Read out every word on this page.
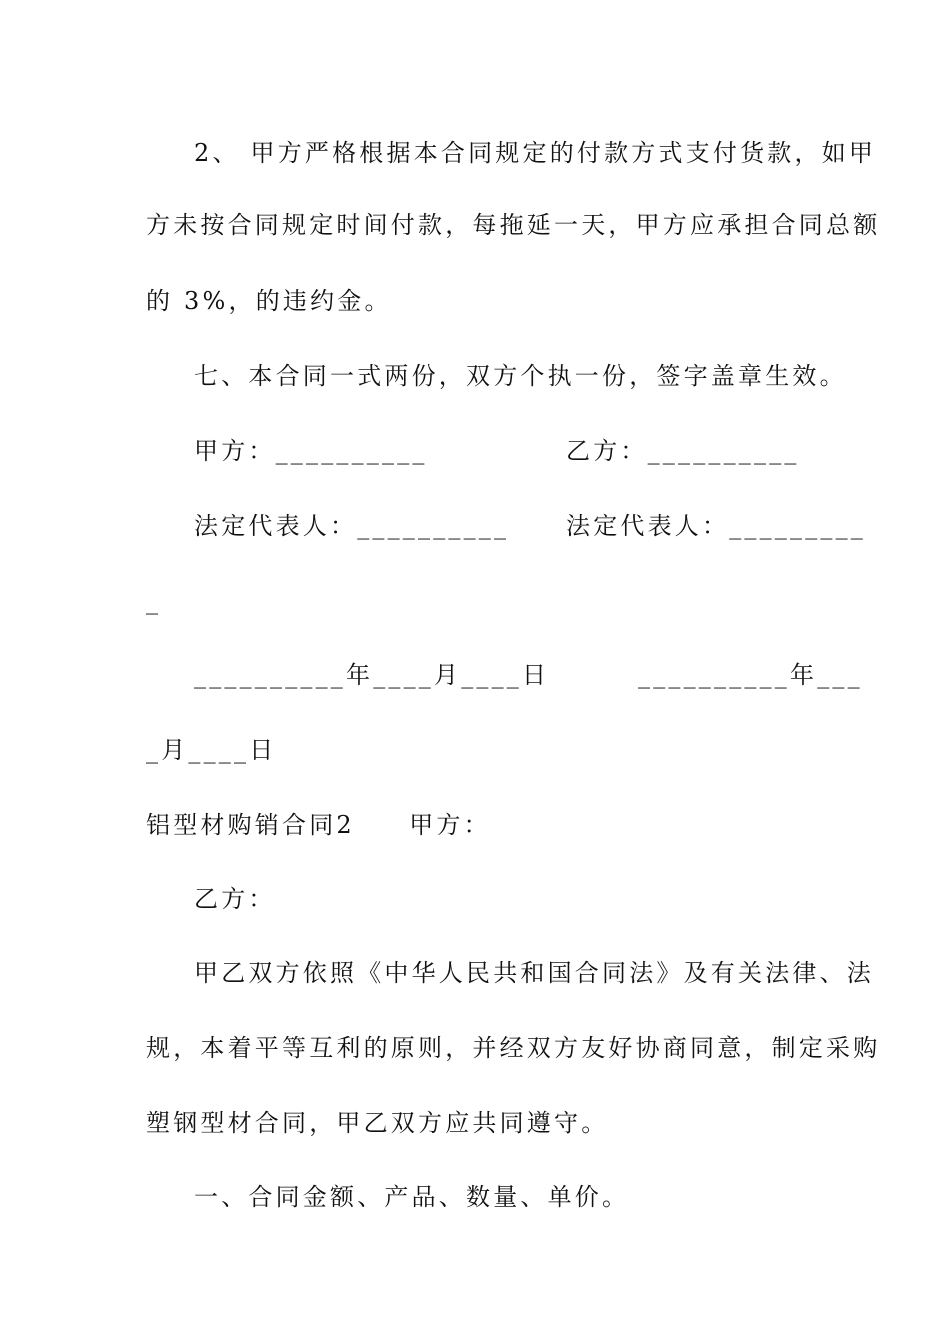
2、 甲方严格根据本合同规定的付款方式支付货款，如甲

方未按合同规定时间付款，每拖延一天，甲方应承担合同总额

的 3%，的违约金。

七、本合同一式两份，双方个执一份，签字盖章生效。

甲方：__________	乙方：__________

法定代表人：__________ 法定代表人：_________

_

__________年____月____日	__________年___

_月____日

铝型材购销合同2　　甲方：

乙方：

甲乙双方依照《中华人民共和国合同法》及有关法律、法

规，本着平等互利的原则，并经双方友好协商同意，制定采购

塑钢型材合同，甲乙双方应共同遵守。

一、合同金额、产品、数量、单价。
